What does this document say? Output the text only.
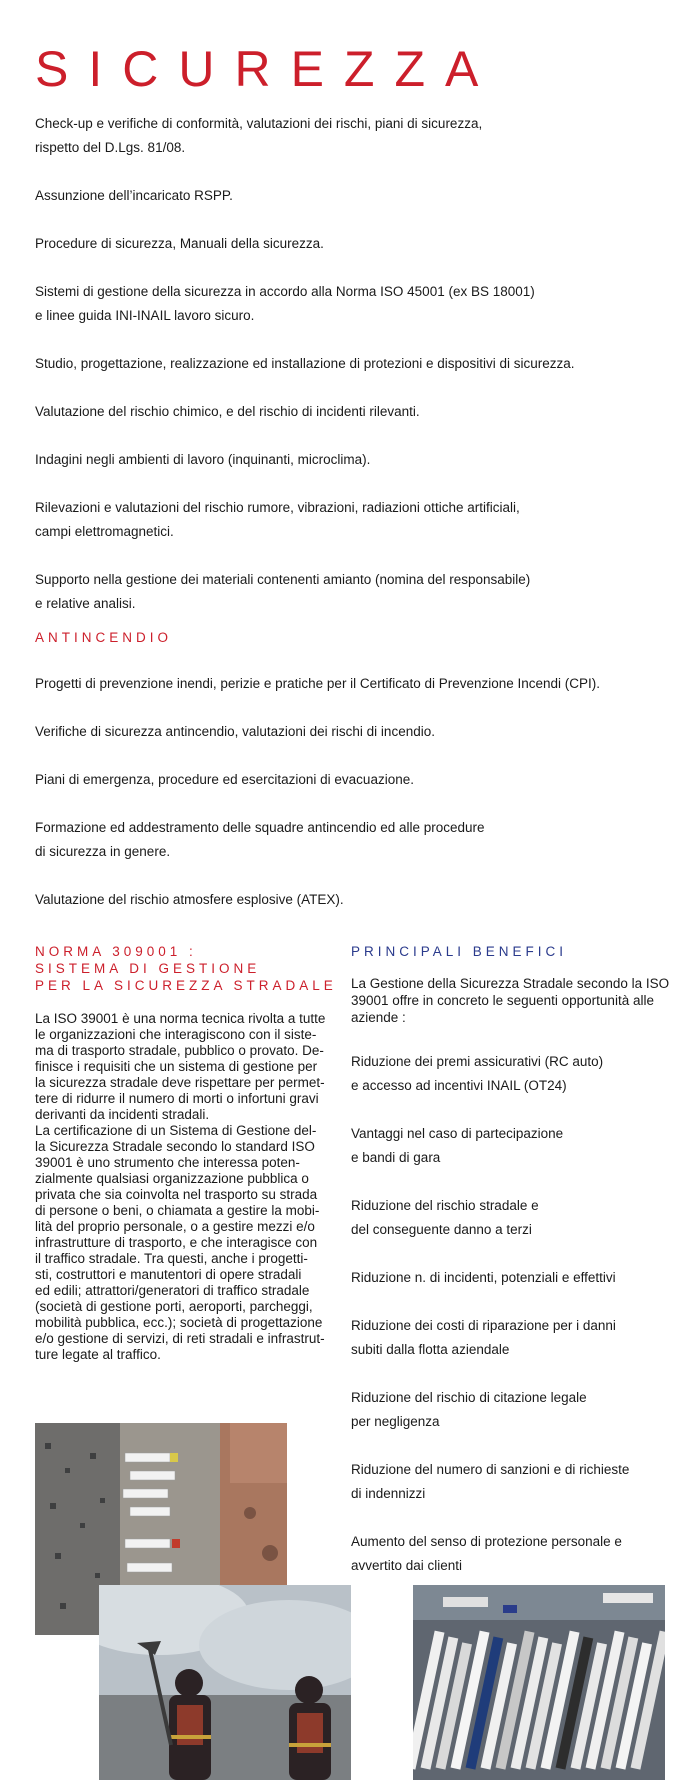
SICUREZZA
Check-up e verifiche di conformità, valutazioni dei rischi, piani di sicurezza,
rispetto del D.Lgs. 81/08.
Assunzione dell’incaricato RSPP.
Procedure di sicurezza, Manuali della sicurezza.
Sistemi di gestione della sicurezza in accordo alla Norma ISO 45001 (ex BS 18001)
e linee guida INI-INAIL lavoro sicuro.
Studio, progettazione, realizzazione ed installazione di protezioni e dispositivi di sicurezza.
Valutazione del rischio chimico, e del rischio di incidenti rilevanti.
Indagini negli ambienti di lavoro (inquinanti, microclima).
Rilevazioni e valutazioni del rischio rumore, vibrazioni, radiazioni ottiche artificiali,
campi elettromagnetici.
Supporto nella gestione dei materiali contenenti amianto (nomina del responsabile)
e relative analisi.
ANTINCENDIO
Progetti di prevenzione inendi, perizie e pratiche per il Certificato di Prevenzione Incendi (CPI).
Verifiche di sicurezza antincendio, valutazioni dei rischi di incendio.
Piani di emergenza, procedure ed esercitazioni di evacuazione.
Formazione ed addestramento delle squadre antincendio ed alle procedure
di sicurezza in genere.
Valutazione del rischio atmosfere esplosive (ATEX).
NORMA 309001 :
SISTEMA DI GESTIONE
PER LA SICUREZZA STRADALE
La ISO 39001 è una norma tecnica rivolta a tutte
le organizzazioni che interagiscono con il siste-
ma di trasporto stradale, pubblico o provato. De-
finisce i requisiti che un sistema di gestione per
la sicurezza stradale deve rispettare per permet-
tere di ridurre il numero di morti o infortuni gravi
derivanti da incidenti stradali.
La certificazione di un Sistema di Gestione del-
la Sicurezza Stradale secondo lo standard ISO
39001 è uno strumento che interessa poten-
zialmente qualsiasi organizzazione pubblica o
privata che sia coinvolta nel trasporto su strada
di persone o beni, o chiamata a gestire la mobi-
lità del proprio personale, o a gestire mezzi e/o
infrastrutture di trasporto, e che interagisce con
il traffico stradale. Tra questi, anche i progetti-
sti, costruttori e manutentori di opere stradali
ed edili; attrattori/generatori di traffico stradale
(società di gestione porti, aeroporti, parcheggi,
mobilità pubblica, ecc.); società di progettazione
e/o gestione di servizi, di reti stradali e infrastrut-
ture legate al traffico.
PRINCIPALI BENEFICI

La Gestione della Sicurezza Stradale secondo la ISO 39001 offre in concreto le seguenti opportunità alle aziende :

Riduzione dei premi assicurativi (RC auto)
e accesso ad incentivi INAIL (OT24)
Vantaggi nel caso di partecipazione
e bandi di gara
Riduzione del rischio stradale e
del conseguente danno a terzi
Riduzione n. di incidenti, potenziali e effettivi
Riduzione dei costi di riparazione per i danni
subiti dalla flotta aziendale
Riduzione del rischio di citazione legale
per negligenza
Riduzione del numero di sanzioni e di richieste
di indennizzi
Aumento del senso di protezione personale e
avvertito dai clienti
